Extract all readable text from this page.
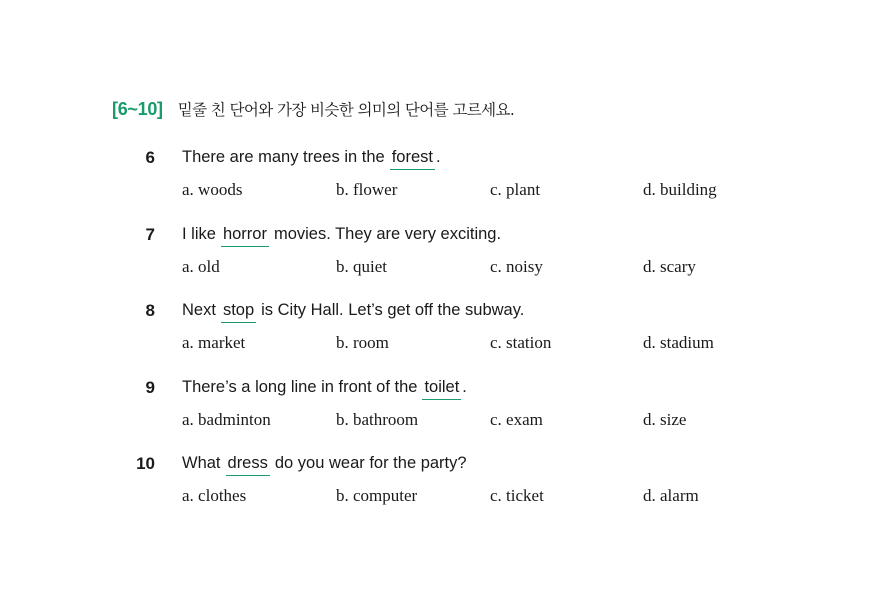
[6~10] 밑줄 친 단어와 가장 비슷한 의미의 단어를 고르세요.
6 There are many trees in the forest .
a. woods	b. flower	c. plant	d. building
7 I like horror movies. They are very exciting.
a. old	b. quiet	c. noisy	d. scary
8 Next stop is City Hall. Let’s get off the subway.
a. market	b. room	c. station	d. stadium
9 There’s a long line in front of the toilet .
a. badminton	b. bathroom	c. exam	d. size
10 What dress do you wear for the party?
a. clothes	b. computer	c. ticket	d. alarm
